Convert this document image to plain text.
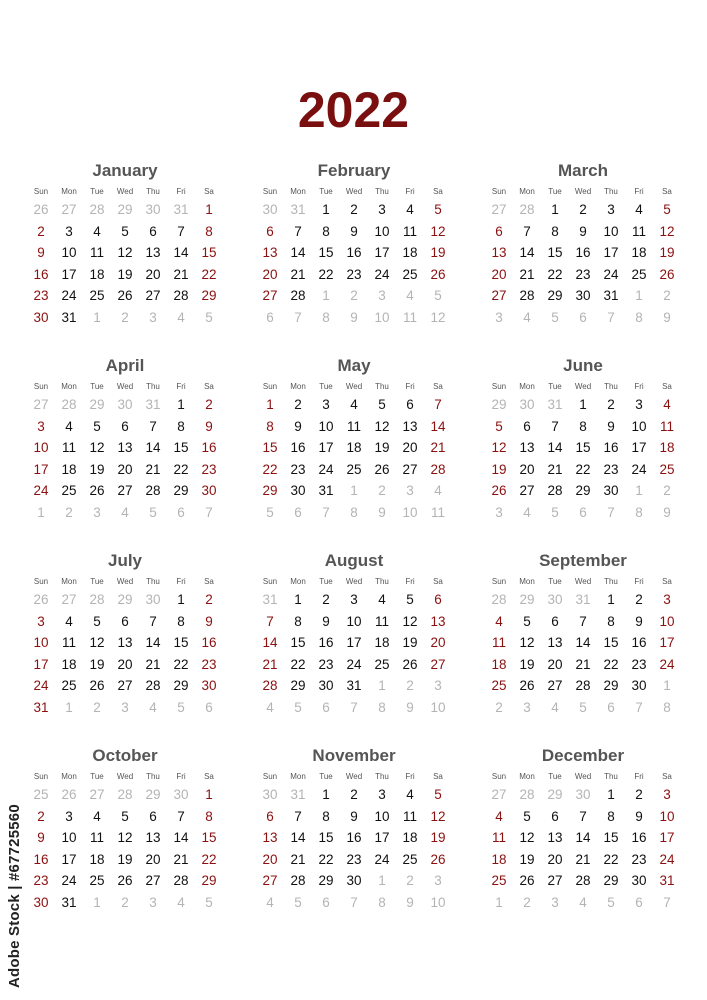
2022
January
Sun	Mon	Tue	Wed	Thu	Fri	Sa
26 27 28 29 30 31	1
2	3	4	5	6	7	8
9	10 11 12 13 14 15
16 17 18 19 20 21 22
23 24 25 26 27 28 29
30 31	1	2	3	4	5
February
Sun	Mon	Tue	Wed	Thu	Fri	Sa
30 31	1	2	3	4	5
6	7	8	9	10 11 12
13 14 15 16 17 18 19
20 21 22 23 24 25 26
27 28	1	2	3	4	5
6	7	8	9	10 11 12
March
Sun	Mon	Tue	Wed	Thu	Fri	Sa
27 28	1	2	3	4	5
6	7	8	9	10 11 12
13 14 15 16 17 18 19
20 21 22 23 24 25 26
27 28 29 30 31	1	2
3	4	5	6	7	8	9
April
Sun	Mon	Tue	Wed	Thu	Fri	Sa
27 28 29 30 31	1	2
3	4	5	6	7	8	9
10 11 12 13 14 15 16
17 18 19 20 21 22 23
24 25 26 27 28 29 30
1	2	3	4	5	6	7
May
Sun	Mon	Tue	Wed	Thu	Fri	Sa
1	2	3	4	5	6	7
8	9	10 11 12 13 14
15 16 17 18 19 20 21
22 23 24 25 26 27 28
29 30 31	1	2	3	4
5	6	7	8	9	10 11
June
Sun	Mon	Tue	Wed	Thu	Fri	Sa
29 30 31	1	2	3	4
5	6	7	8	9	10 11
12 13 14 15 16 17 18
19 20 21 22 23 24 25
26 27 28 29 30	1	2
3	4	5	6	7	8	9
July
Sun	Mon	Tue	Wed	Thu	Fri	Sa
26 27 28 29 30	1	2
3	4	5	6	7	8	9
10 11 12 13 14 15 16
17 18 19 20 21 22 23
24 25 26 27 28 29 30
31	1	2	3	4	5	6
August
Sun	Mon	Tue	Wed	Thu	Fri	Sa
31	1	2	3	4	5	6
7	8	9	10 11 12 13
14 15 16 17 18 19 20
21 22 23 24 25 26 27
28 29 30 31	1	2	3
4	5	6	7	8	9	10
September
Sun	Mon	Tue	Wed	Thu	Fri	Sa
28 29 30 31	1	2	3
4	5	6	7	8	9	10
11 12 13 14 15 16 17
18 19 20 21 22 23 24
25 26 27 28 29 30	1
2	3	4	5	6	7	8
October
Sun	Mon	Tue	Wed	Thu	Fri	Sa
25 26 27 28 29 30	1
2	3	4	5	6	7	8
9	10 11 12 13 14 15
16 17 18 19 20 21 22
23 24 25 26 27 28 29
30 31	1	2	3	4	5
November
Sun	Mon	Tue	Wed	Thu	Fri	Sa
30 31	1	2	3	4	5
6	7	8	9	10 11 12
13 14 15 16 17 18 19
20 21 22 23 24 25 26
27 28 29 30	1	2	3
4	5	6	7	8	9	10
December
Sun	Mon	Tue	Wed	Thu	Fri	Sa
27 28 29 30	1	2	3
4	5	6	7	8	9	10
11 12 13 14 15 16 17
18 19 20 21 22 23 24
25 26 27 28 29 30 31
1	2	3	4	5	6	7
Adobe Stock | #67725560
